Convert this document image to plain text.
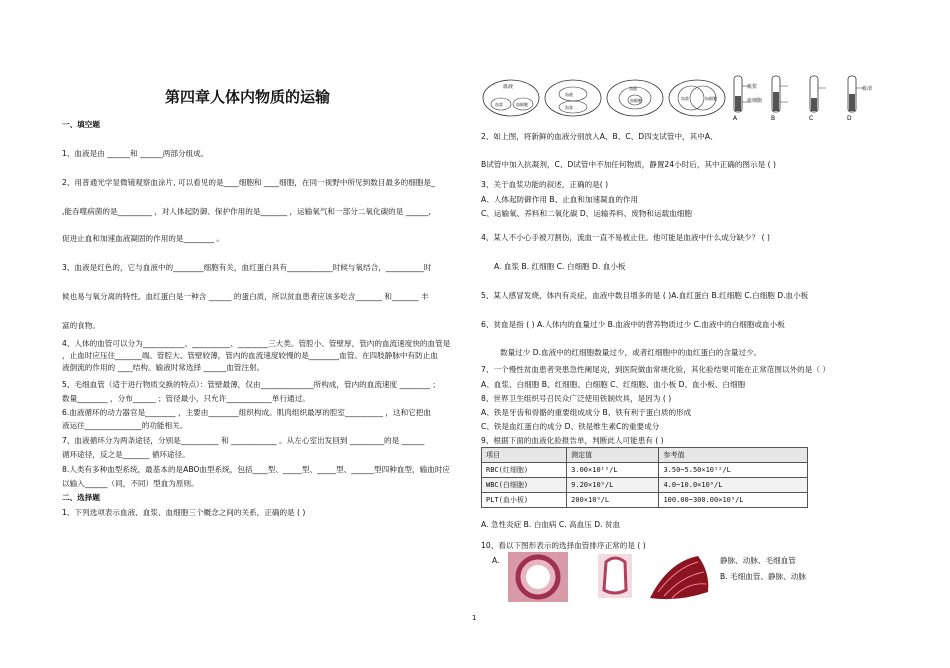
第四章人体内物质的运输
一、填空题
1、血液是由 ______和 ______两部分组成。
2、用普通光学显微镜观察血涂片, 可以看见的是____细胞和 ____细胞，在同一视野中所见到数目最多的细胞是_
,能吞噬病菌的是_________ ，对人体起防御、保护作用的是_______ ，运输氧气和一部分二氧化碳的是 ______,
促进止血和加速血液凝固的作用的是________ 。
3、血液是红色的，它与血液中的________细胞有关，血红蛋白具有____________时候与氧结合，__________时
候也易与氧分离的特性。血红蛋白是一种含 ______ 的蛋白质，所以贫血患者应该多吃含_______ 和_______ 丰
富的食物。
4、人体的血管可以分为___________、__________、________三大类。管腔小、管壁厚，管内的血流速度快的血管是
，止血时应压住_______端。管腔大、管壁较薄，管内的血流速度较慢的是________血管。在四肢静脉中有防止血
液倒流的作用的 ____结构。输液时常选择 ______血管注射。
5、毛细血管（适于进行物质交换的特点）：管壁最薄，仅由______________所构成，管内的血流速度 ________ ；
数量________ ，分布______ ；管径最小，只允许____________单行通过。
6.血液循环的动力器官是________ ，主要由________组织构成。肌肉组织最厚的腔室__________ ，这和它把血
液运往_______________的功能相关。
7、血液循环分为两条途径，分别是__________ 和 ____________ 。从左心室出发回到 _________的是 ______
循环途径，反之是_______ 循环途径。
8.人类有多种血型系统，最基本的是ABO血型系统，包括____型、_____型、_____型、______型四种血型，输血时应
以输入______（同，不同）型血为原则。
二、选择题
1、下列选项表示血液、血浆、血细胞三个概念之间的关系，正确的是 ( )
血液
血浆	血细胞
血液
血浆
血液
血细胞	血浆	血细胞
A	B	C	D
血浆
血细胞
血清
2、如上图，将新鲜的血液分别放入A、B、C、D四支试管中，其中A、
B试管中加入抗凝剂，C、D试管中不加任何物质，静置24小时后，其中正确的图示是 ( )
3、关于血浆功能的叙述，正确的是( )
A、人体起防御作用 B、止血和加速凝血的作用
C、运输氧、养料和二氧化碳 D、运输养料、废物和运载血细胞
4、某人不小心手被刀割伤，流血一直不易被止住。他可能是血液中什么成分缺少？ ( )
A. 血浆 B. 红细胞 C. 白细胞 D. 血小板
5、某人感冒发烧，体内有炎症，血液中数目增多的是 ( )A.血红蛋白 B.红细胞 C.白细胞 D.血小板
6、贫血是指 ( ) A.人体内的血量过少 B.血液中的营养物质过少 C.血液中的白细胞或血小板
数量过少 D.血液中的红细胞数量过少，或者红细胞中的血红蛋白的含量过少。
7、一个慢性贫血患者突患急性阑尾炎，到医院做血常规化验，其化验结果可能在正常范围以外的是（ ）
A、血浆、白细胞 B、红细胞、白细胞 C、红细胞、血小板 D、血小板、白细胞
8、世界卫生组织号召民众广泛使用铁制炊具，是因为 ( )
A、铁是牙齿和骨骼的重要组成成分 B、铁有利于蛋白质的形成
C、铁是血红蛋白的成分 D、铁是维生素C的重要成分
9、根据下面的血液化验报告单，判断此人可能患有 ( )
项目	测定值	参考值
RBC(红细胞)	3.00×10¹²/L	3.50~5.50×10¹²/L
WBC(白细胞)	9.20×10⁹/L	4.0~10.0×10⁹/L
PLT(血小板)	200×10⁹/L	100.00~300.00×10⁹/L
A. 急性炎症 B. 白血病 C. 高血压 D. 贫血
10、看以下图形表示的选择血管排序正常的是 ( )
A.	静脉、动脉、毛细血管
B. 毛细血管、静脉、动脉
1
